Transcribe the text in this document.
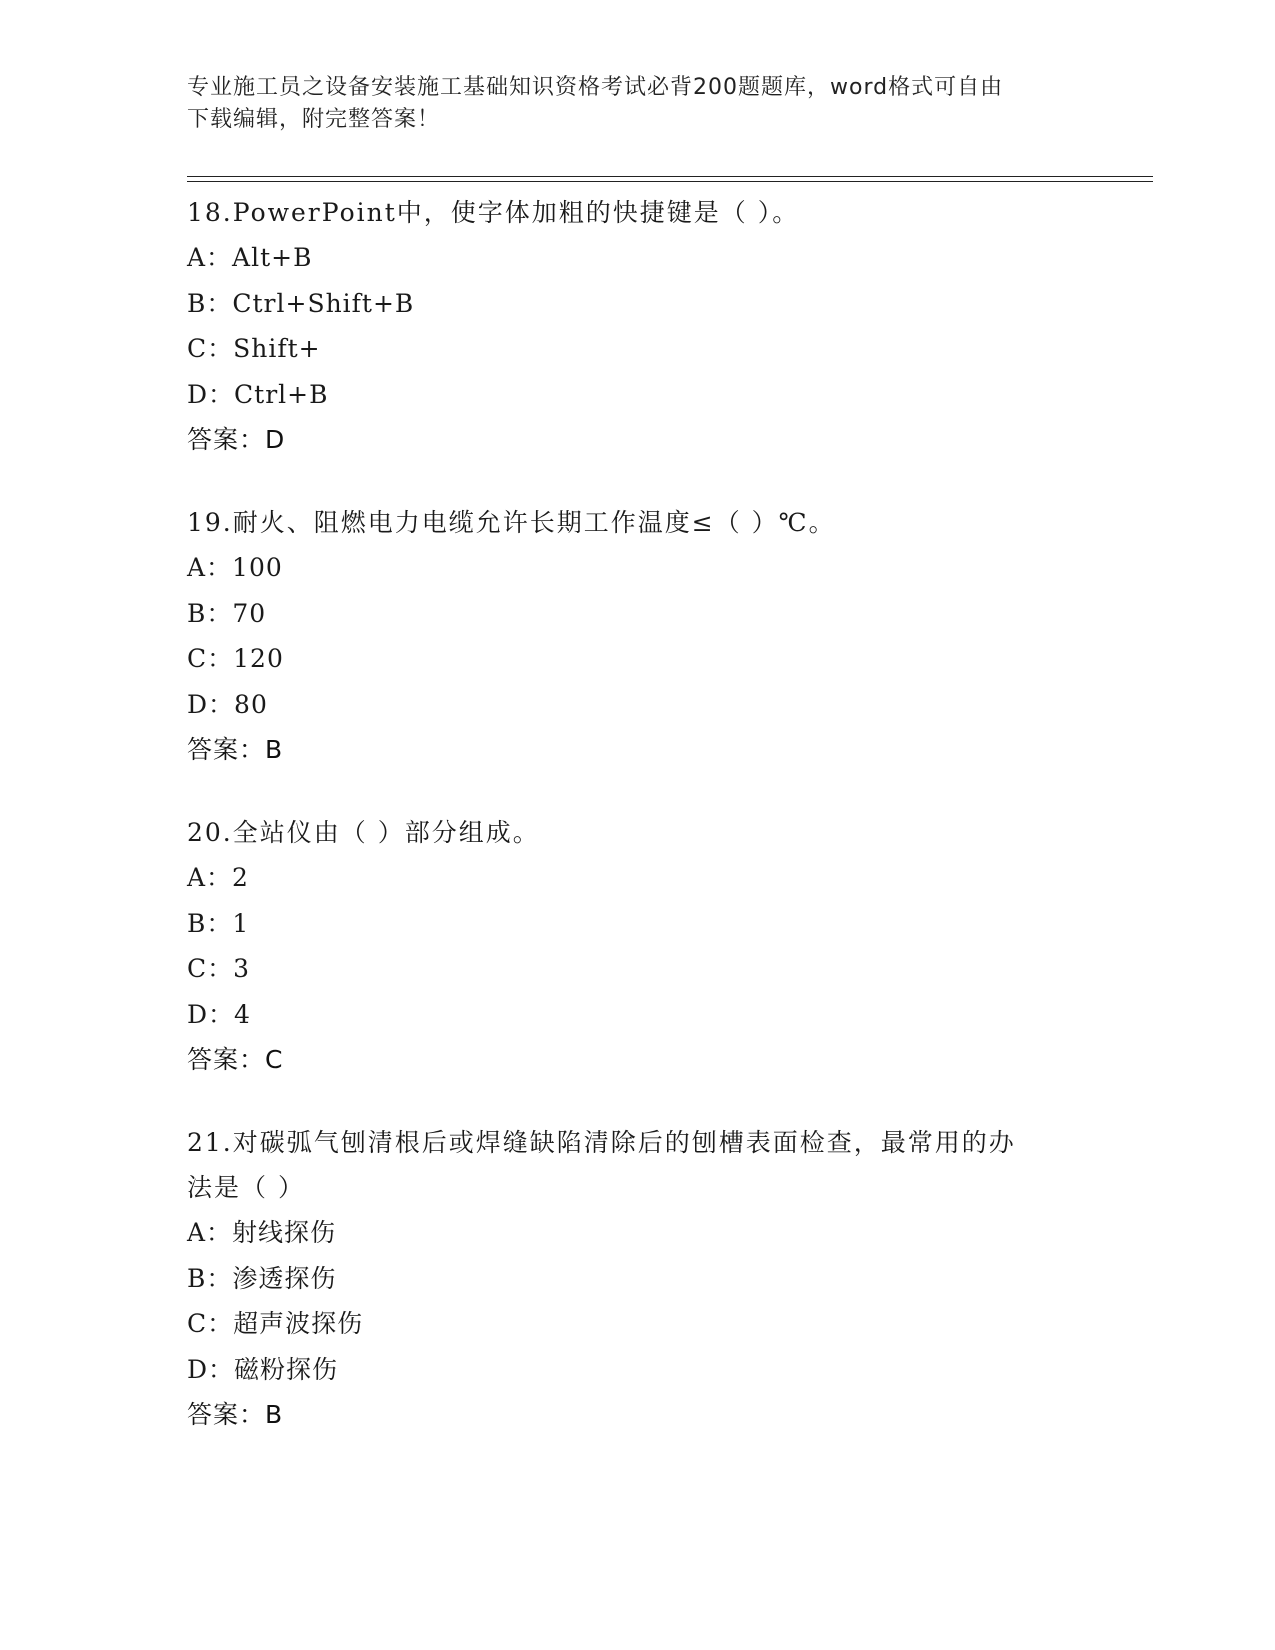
专业施工员之设备安装施工基础知识资格考试必背200题题库，word格式可自由
下载编辑，附完整答案！

18.PowerPoint中，使字体加粗的快捷键是（ ）。

A：Alt+B

B：Ctrl+Shift+B

C：Shift+

D：Ctrl+B

答案：D

19.耐火、阻燃电力电缆允许长期工作温度≤（ ）℃。

A：100

B：70

C：120

D：80

答案：B

20.全站仪由（ ）部分组成。

A：2

B：1

C：3

D：4

答案：C

21.对碳弧气刨清根后或焊缝缺陷清除后的刨槽表面检查，最常用的办

法是（ ）

A：射线探伤

B：渗透探伤

C：超声波探伤

D：磁粉探伤

答案：B
